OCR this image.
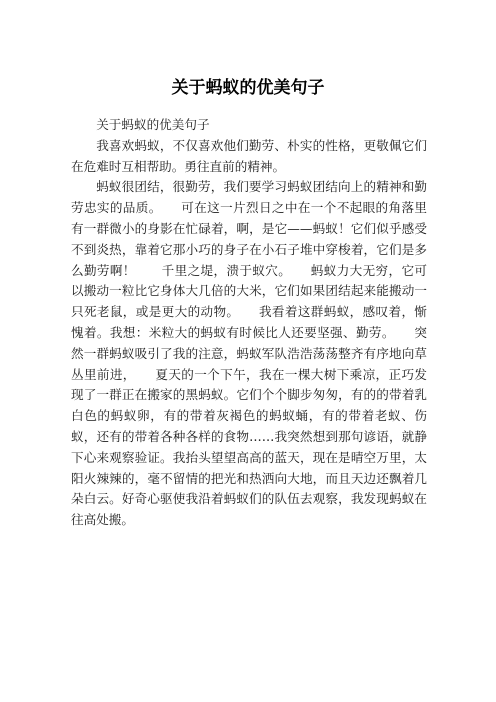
关于蚂蚁的优美句子

关于蚂蚁的优美句子

我喜欢蚂蚁，不仅喜欢他们勤劳、朴实的性格，更敬佩它们在危难时互相帮助。勇往直前的精神。

蚂蚁很团结，很勤劳，我们要学习蚂蚁团结向上的精神和勤劳忠实的品质。　　可在这一片烈日之中在一个不起眼的角落里有一群微小的身影在忙碌着，啊，是它——蚂蚁！它们似乎感受不到炎热，靠着它那小巧的身子在小石子堆中穿梭着，它们是多么勤劳啊！　　千里之堤，溃于蚁穴。　　蚂蚁力大无穷，它可以搬动一粒比它身体大几倍的大米，它们如果团结起来能搬动一只死老鼠，或是更大的动物。　　我看着这群蚂蚁，感叹着，惭愧着。我想：米粒大的蚂蚁有时候比人还要坚强、勤劳。　　突然一群蚂蚁吸引了我的注意，蚂蚁军队浩浩荡荡整齐有序地向草丛里前进，　　夏天的一个下午，我在一棵大树下乘凉，正巧发现了一群正在搬家的黑蚂蚁。它们个个脚步匆匆，有的的带着乳白色的蚂蚁卵，有的带着灰褐色的蚂蚁蛹，有的带着老蚁、伤蚁，还有的带着各种各样的食物……我突然想到那句谚语，就静下心来观察验证。我抬头望望高高的蓝天，现在是晴空万里，太阳火辣辣的，毫不留情的把光和热洒向大地，而且天边还飘着几朵白云。好奇心驱使我沿着蚂蚁们的队伍去观察，我发现蚂蚁在往高处搬。
